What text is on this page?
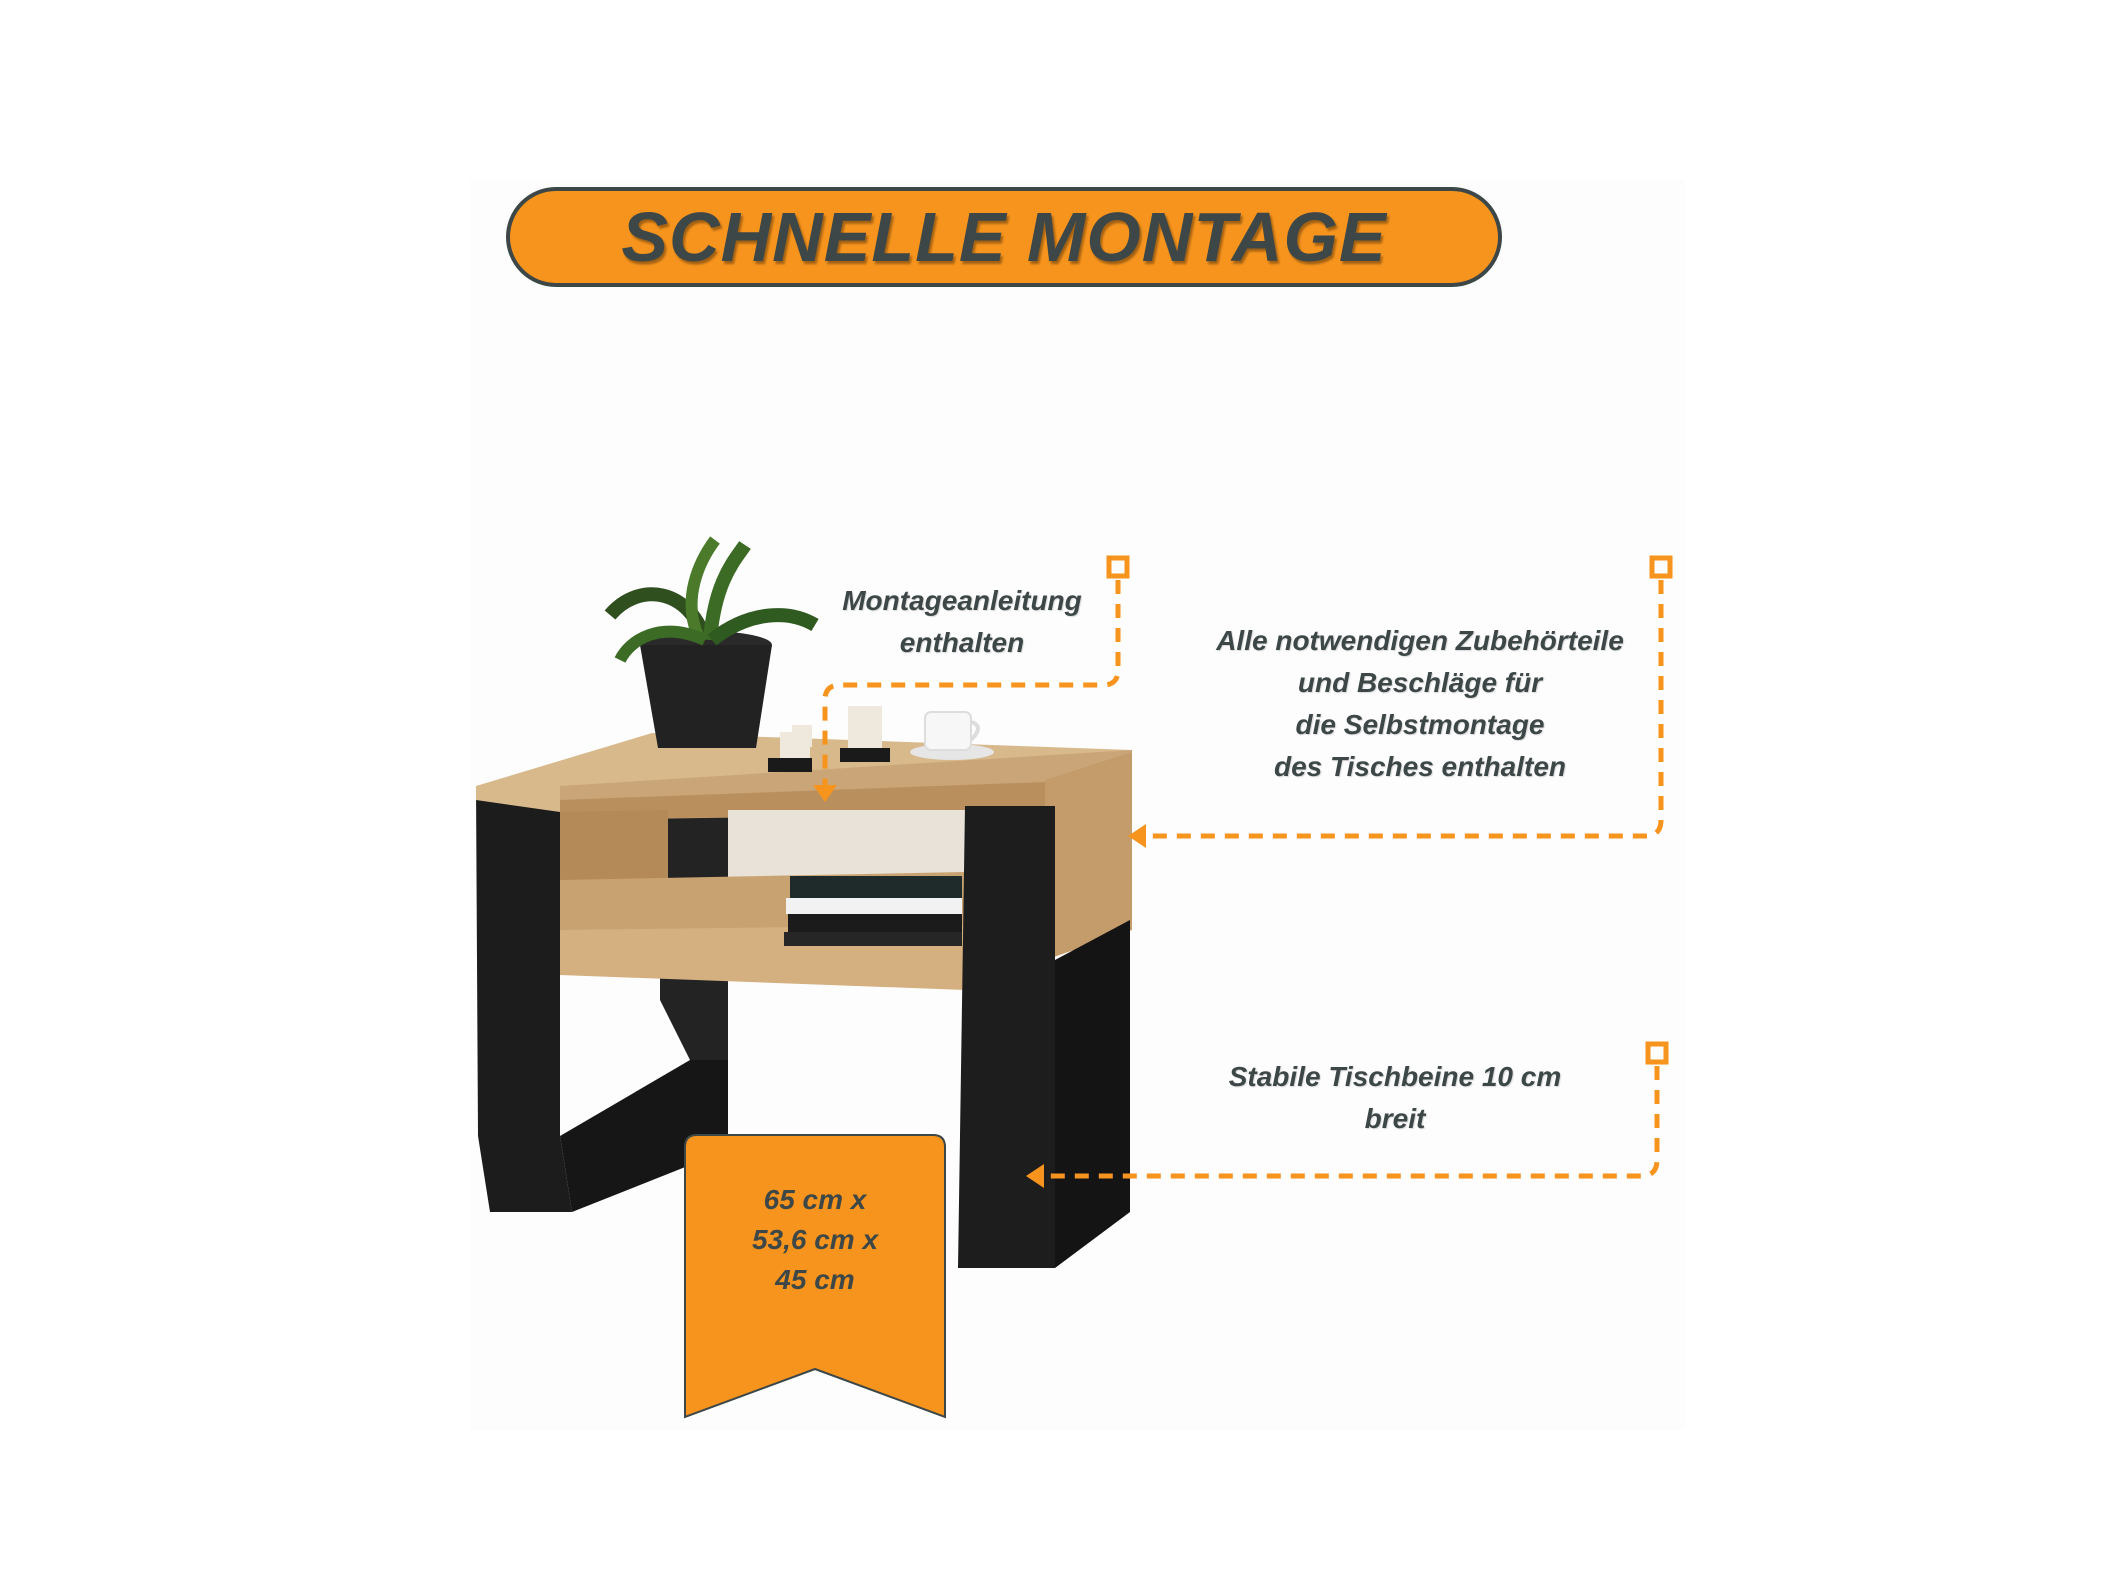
SCHNELLE MONTAGE
Montageanleitung
enthalten	Alle notwendigen Zubehörteile
und Beschläge für
die Selbstmontage
des Tisches enthalten
Stabile Tischbeine 10 cm
breit
65 cm x
53,6 cm x
45 cm
